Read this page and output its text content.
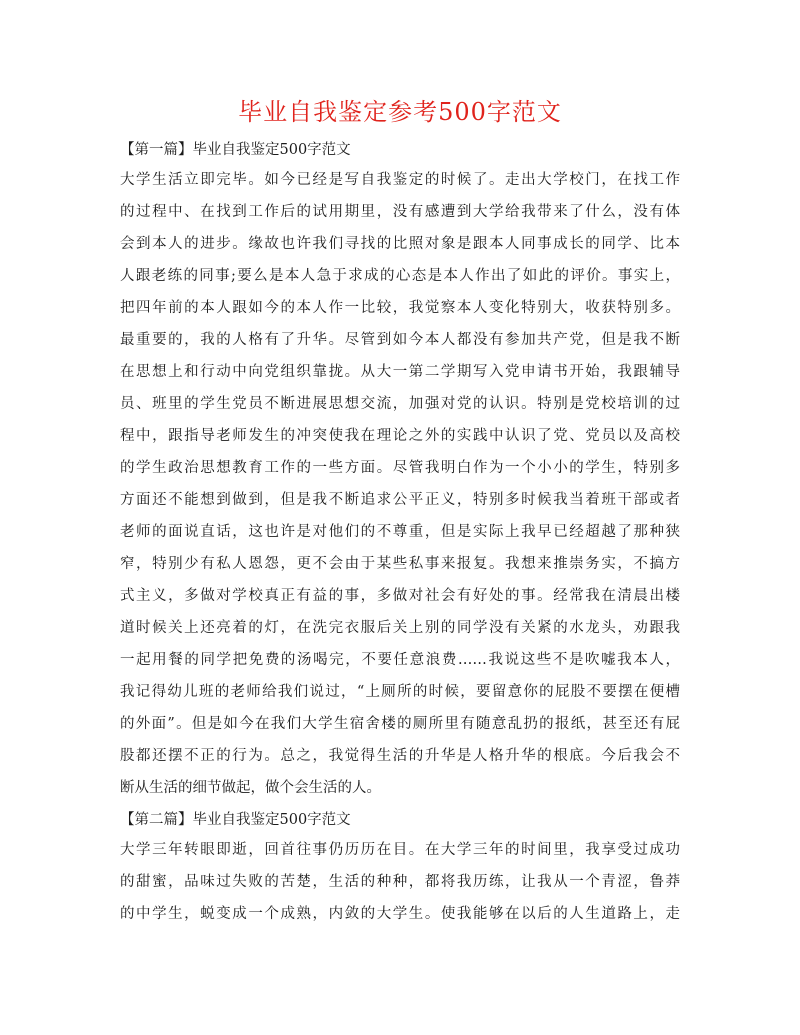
毕业自我鉴定参考500字范文

【第一篇】毕业自我鉴定500字范文

大学生活立即完毕。如今已经是写自我鉴定的时候了。走出大学校门，在找工作

的过程中、在找到工作后的试用期里，没有感遭到大学给我带来了什么，没有体

会到本人的进步。缘故也许我们寻找的比照对象是跟本人同事成长的同学、比本

人跟老练的同事;要么是本人急于求成的心态是本人作出了如此的评价。事实上，

把四年前的本人跟如今的本人作一比较，我觉察本人变化特别大，收获特别多。

最重要的，我的人格有了升华。尽管到如今本人都没有参加共产党，但是我不断

在思想上和行动中向党组织靠拢。从大一第二学期写入党申请书开始，我跟辅导

员、班里的学生党员不断进展思想交流，加强对党的认识。特别是党校培训的过

程中，跟指导老师发生的冲突使我在理论之外的实践中认识了党、党员以及高校

的学生政治思想教育工作的一些方面。尽管我明白作为一个小小的学生，特别多

方面还不能想到做到，但是我不断追求公平正义，特别多时候我当着班干部或者

老师的面说直话，这也许是对他们的不尊重，但是实际上我早已经超越了那种狭

窄，特别少有私人恩怨，更不会由于某些私事来报复。我想来推崇务实，不搞方

式主义，多做对学校真正有益的事，多做对社会有好处的事。经常我在清晨出楼

道时候关上还亮着的灯，在洗完衣服后关上别的同学没有关紧的水龙头，劝跟我

一起用餐的同学把免费的汤喝完，不要任意浪费……我说这些不是吹嘘我本人，

我记得幼儿班的老师给我们说过，“上厕所的时候，要留意你的屁股不要摆在便槽

的外面”。但是如今在我们大学生宿舍楼的厕所里有随意乱扔的报纸，甚至还有屁

股都还摆不正的行为。总之，我觉得生活的升华是人格升华的根底。今后我会不

断从生活的细节做起，做个会生活的人。

【第二篇】毕业自我鉴定500字范文

大学三年转眼即逝，回首往事仍历历在目。在大学三年的时间里，我享受过成功

的甜蜜，品味过失败的苦楚，生活的种种，都将我历练，让我从一个青涩，鲁莽

的中学生，蜕变成一个成熟，内敛的大学生。使我能够在以后的人生道路上，走
